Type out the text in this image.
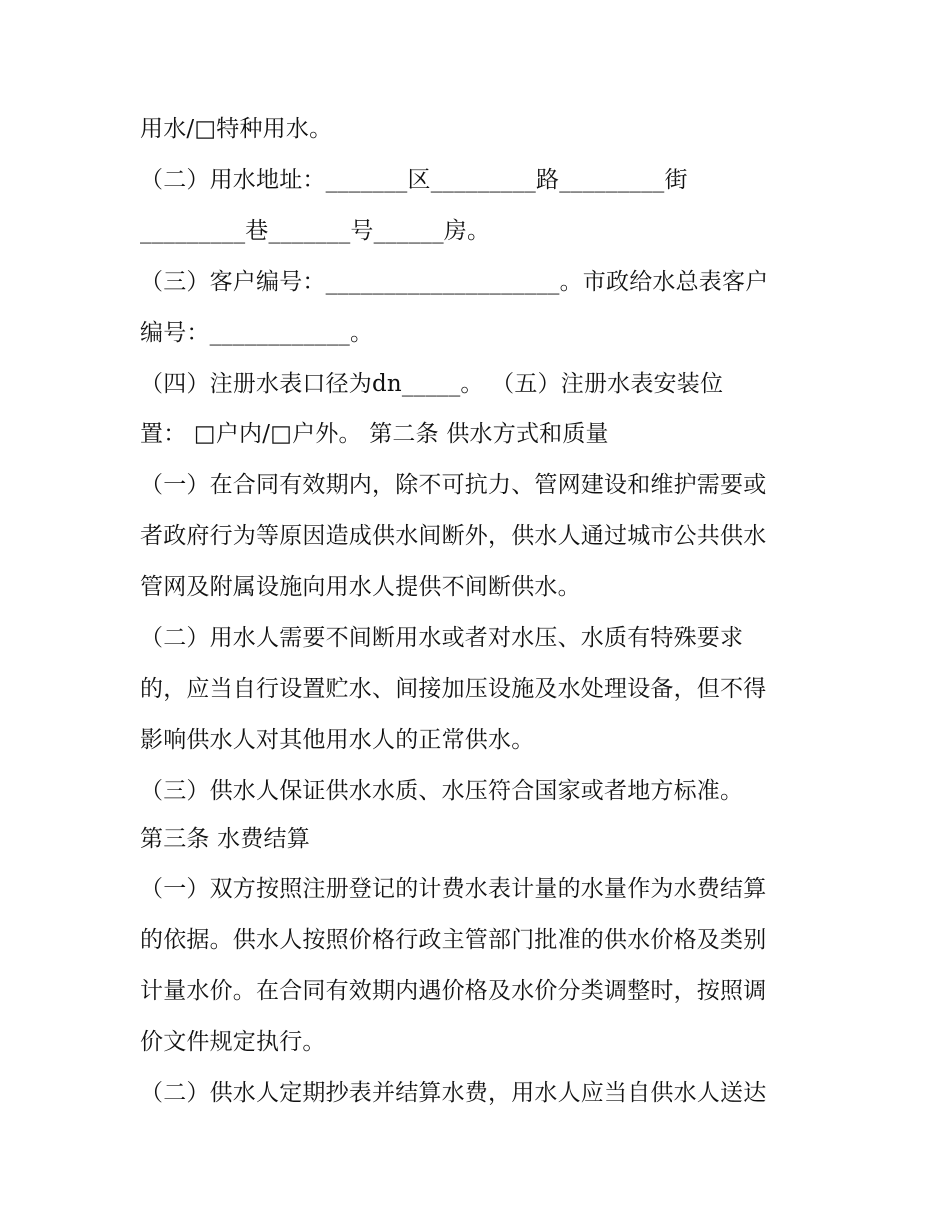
用水/□特种用水。
（二）用水地址：_______区_________路_________街
_________巷_______号______房。
（三）客户编号：____________________。市政给水总表客户
编号：____________。
（四）注册水表口径为dn_____。 （五）注册水表安装位
置： □户内/□户外。 第二条 供水方式和质量
（一）在合同有效期内，除不可抗力、管网建设和维护需要或
者政府行为等原因造成供水间断外，供水人通过城市公共供水
管网及附属设施向用水人提供不间断供水。
（二）用水人需要不间断用水或者对水压、水质有特殊要求
的，应当自行设置贮水、间接加压设施及水处理设备，但不得
影响供水人对其他用水人的正常供水。
（三）供水人保证供水水质、水压符合国家或者地方标准。
第三条 水费结算
（一）双方按照注册登记的计费水表计量的水量作为水费结算
的依据。供水人按照价格行政主管部门批准的供水价格及类别
计量水价。在合同有效期内遇价格及水价分类调整时，按照调
价文件规定执行。
（二）供水人定期抄表并结算水费，用水人应当自供水人送达
